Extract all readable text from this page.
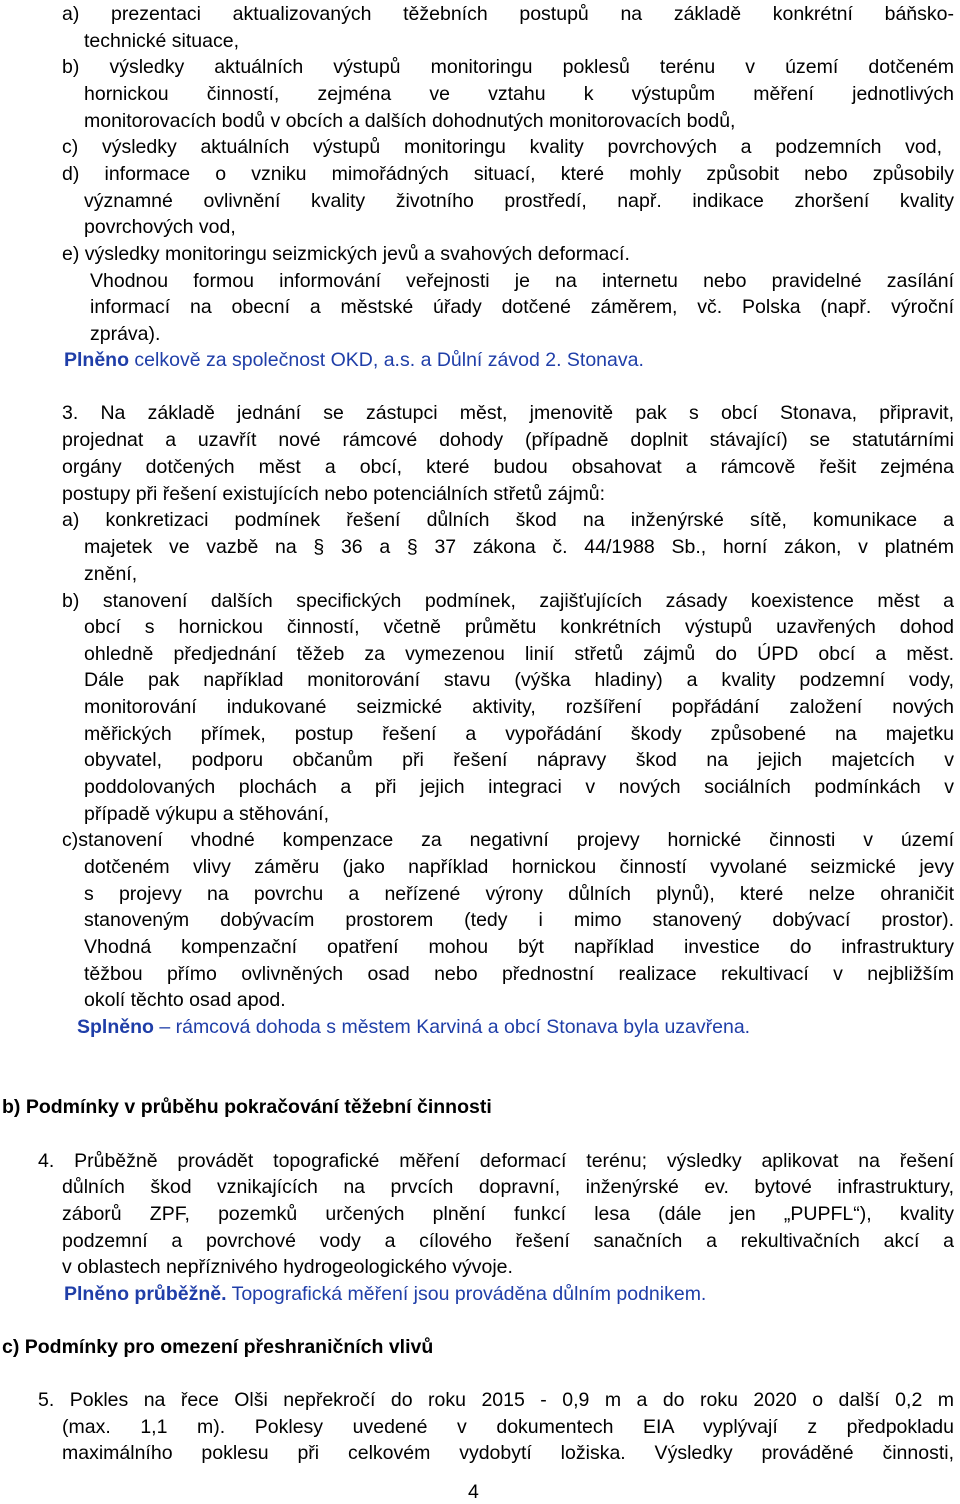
a) prezentaci aktualizovaných těžebních postupů na základě konkrétní báňsko-
technické situace,
b) výsledky aktuálních výstupů monitoringu poklesů terénu v území dotčeném
hornickou činností, zejména ve vztahu k výstupům měření jednotlivých
monitorovacích bodů v obcích a dalších dohodnutých monitorovacích bodů,
c) výsledky aktuálních výstupů monitoringu kvality povrchových a podzemních vod,
d) informace o vzniku mimořádných situací, které mohly způsobit nebo způsobily
významné ovlivnění kvality životního prostředí, např. indikace zhoršení kvality
povrchových vod,
e) výsledky monitoringu seizmických jevů a svahových deformací.
Vhodnou formou informování veřejnosti je na internetu nebo pravidelné zasílání
informací na obecní a městské úřady dotčené záměrem, vč. Polska (např. výroční
zpráva).
Plněno celkově za společnost OKD, a.s. a Důlní závod 2. Stonava.
3. Na základě jednání se zástupci měst, jmenovitě pak s obcí Stonava, připravit,
projednat a uzavřít nové rámcové dohody (případně doplnit stávající) se statutárními
orgány dotčených měst a obcí, které budou obsahovat a rámcově řešit zejména
postupy při řešení existujících nebo potenciálních střetů zájmů:
a) konkretizaci podmínek řešení důlních škod na inženýrské sítě, komunikace a
majetek ve vazbě na § 36 a § 37 zákona č. 44/1988 Sb., horní zákon, v platném
znění,
b) stanovení dalších specifických podmínek, zajišťujících zásady koexistence měst a
obcí s hornickou činností, včetně průmětu konkrétních výstupů uzavřených dohod
ohledně předjednání těžeb za vymezenou linií střetů zájmů do ÚPD obcí a měst.
Dále pak například monitorování stavu (výška hladiny) a kvality podzemní vody,
monitorování indukované seizmické aktivity, rozšíření popřádání založení nových
měřických přímek, postup řešení a vypořádání škody způsobené na majetku
obyvatel, podporu občanům při řešení nápravy škod na jejich majetcích v
poddolovaných plochách a při jejich integraci v nových sociálních podmínkách v
případě výkupu a stěhování,
c)stanovení vhodné kompenzace za negativní projevy hornické činnosti v území
dotčeném vlivy záměru (jako například hornickou činností vyvolané seizmické jevy
s projevy na povrchu a neřízené výrony důlních plynů), které nelze ohraničit
stanoveným dobývacím prostorem (tedy i mimo stanovený dobývací prostor).
Vhodná kompenzační opatření mohou být například investice do infrastruktury
těžbou přímo ovlivněných osad nebo přednostní realizace rekultivací v nejbližším
okolí těchto osad apod.
Splněno – rámcová dohoda s městem Karviná a obcí Stonava byla uzavřena.
b) Podmínky v průběhu pokračování těžební činnosti
4. Průběžně provádět topografické měření deformací terénu; výsledky aplikovat na řešení
důlních škod vznikajících na prvcích dopravní, inženýrské ev. bytové infrastruktury,
záborů ZPF, pozemků určených plnění funkcí lesa (dále jen „PUPFL“), kvality
podzemní a povrchové vody a cílového řešení sanačních a rekultivačních akcí a
v oblastech nepříznivého hydrogeologického vývoje.
Plněno průběžně. Topografická měření jsou prováděna důlním podnikem.
c) Podmínky pro omezení přeshraničních vlivů
5. Pokles na řece Olši nepřekročí do roku 2015 - 0,9 m a do roku 2020 o další 0,2 m
(max. 1,1 m). Poklesy uvedené v dokumentech EIA vyplývají z předpokladu
maximálního poklesu při celkovém vydobytí ložiska. Výsledky prováděné činnosti,
4
